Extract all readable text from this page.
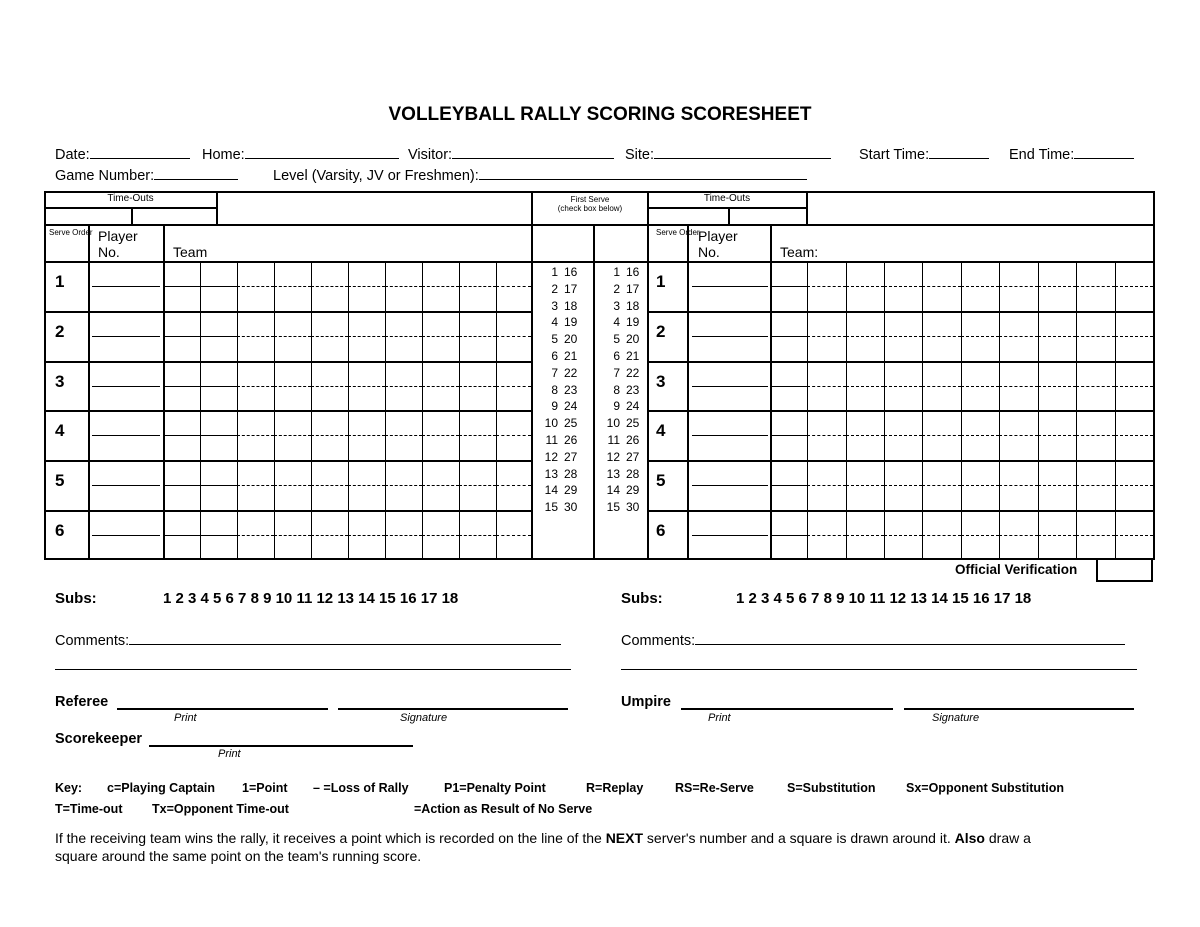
VOLLEYBALL RALLY SCORING SCORESHEET
Date:	Home:	Visitor:	Site:	Start Time:	End Time:
Game Number:	Level (Varsity, JV or Freshmen):
Official Verification
Time-Outs	First Serve
(check box below)
Time-Outs
Serve Order Player
No.	Team
Serve Order
Player
No.	Team:
1	1
2	2
3	3
4	4
5	5
6	6
1 16	1 16
2 17	2 17
3 18	3 18
4 19	4 19
5 20	5 20
6 21	6 21
7 22	7 22
8 23	8 23
9 24	9 24
10 25	10 25
11 26	11 26
12 27	12 27
13 28	13 28
14 29	14 29
15 30	15 30
Subs:	1 2 3 4 5 6 7 8 9 10 11 12 13 14 15 16 17 18	Subs:	1 2 3 4 5 6 7 8 9 10 11 12 13 14 15 16 17 18
Comments:	Comments:
Referee
Print	Signature
Umpire
Print	Signature
Scorekeeper
Print
Key: c=Playing Captain 1=Point – =Loss of Rally	P1=Penalty Point	R=Replay	RS=Re-Serve	S=Substitution Sx=Opponent Substitution
T=Time-out Tx=Opponent Time-out	=Action as Result of No Serve
If the receiving team wins the rally, it receives a point which is recorded on the line of the NEXT server's number and a square is drawn around it. Also draw a
square around the same point on the team's running score.
